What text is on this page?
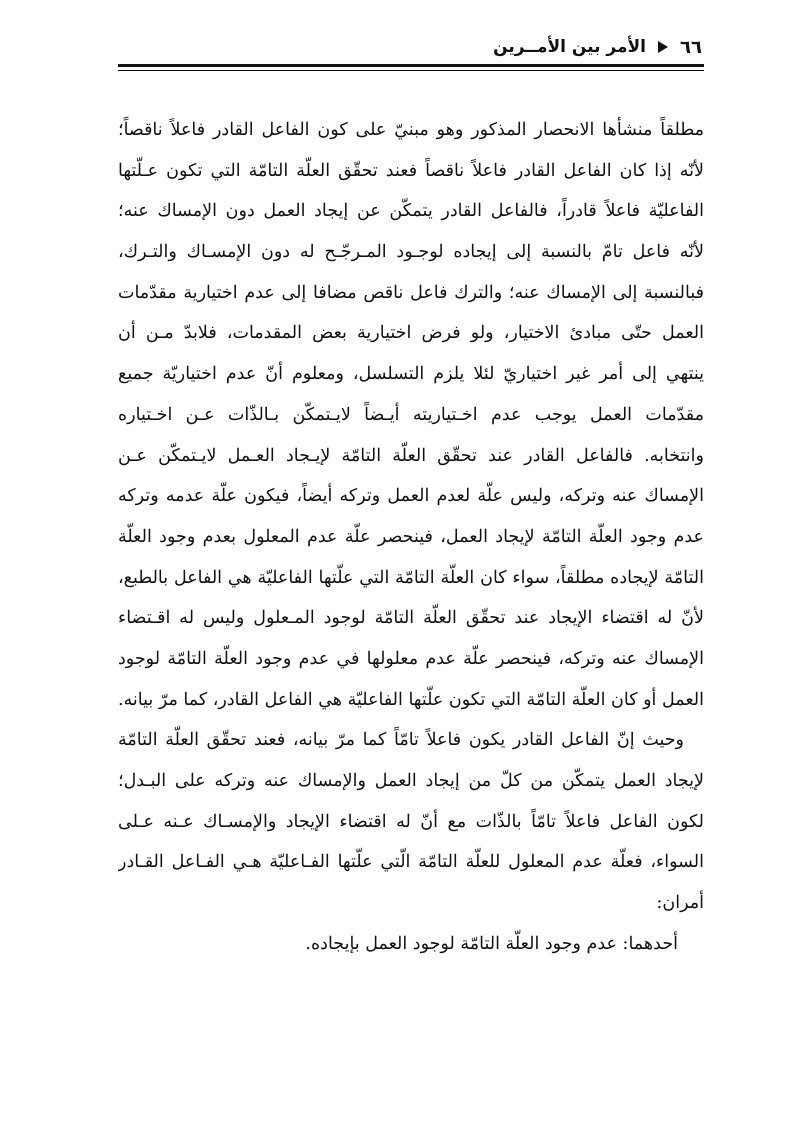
٦٦
الأمر بين الأمــرين
مطلقاً منشأها الانحصار المذكور وهو مبنيّ على كون الفاعل القادر فاعلاً ناقصاً؛
لأنّه إذا كان الفاعل القادر فاعلاً ناقصاً فعند تحقّق العلّة التامّة التي تكون عـلّتها
الفاعليّة فاعلاً قادراً، فالفاعل القادر يتمكّن عن إيجاد العمل دون الإمساك عنه؛
لأنّه فاعل تامّ بالنسبة إلى إيجاده لوجـود المـرجّـح له دون الإمسـاك والتـرك،
فبالنسبة إلى الإمساك عنه؛ والترك فاعل ناقص مضافا إلى عدم اختيارية مقدّمات
العمل حتّى مبادئ الاختيار، ولو فرض اختيارية بعض المقدمات، فلابدّ مـن أن
ينتهي إلى أمر غير اختياريّ لئلا يلزم التسلسل، ومعلوم أنّ عدم اختياريّة جميع
مقدّمات العمل يوجب عدم اخـتياريته أيـضاً لايـتمكّن بـالذّات عـن اخـتياره
وانتخابه. فالفاعل القادر عند تحقّق العلّة التامّة لإيـجاد العـمل لايـتمكّن عـن
الإمساك عنه وتركه، وليس علّة لعدم العمل وتركه أيضاً، فيكون علّة عدمه وتركه
عدم وجود العلّة التامّة لإيجاد العمل، فينحصر علّة عدم المعلول بعدم وجود العلّة
التامّة لإيجاده مطلقاً، سواء كان العلّة التامّة التي علّتها الفاعليّة هي الفاعل بالطبع،
لأنّ له اقتضاء الإيجاد عند تحقّق العلّة التامّة لوجود المـعلول وليس له اقـتضاء
الإمساك عنه وتركه، فينحصر علّة عدم معلولها في عدم وجود العلّة التامّة لوجود
العمل أو كان العلّة التامّة التي تكون علّتها الفاعليّة هي الفاعل القادر، كما مرّ بيانه.
وحيث إنّ الفاعل القادر يكون فاعلاً تامّاً كما مرّ بيانه، فعند تحقّق العلّة التامّة
لإيجاد العمل يتمكّن من كلّ من إيجاد العمل والإمساك عنه وتركه على البـدل؛
لكون الفاعل فاعلاً تامّاً بالذّات مع أنّ له اقتضاء الإيجاد والإمسـاك عـنه عـلى
السواء، فعلّة عدم المعلول للعلّة التامّة الّتي علّتها الفـاعليّة هـي الفـاعل القـادر
أمران:
أحدهما: عدم وجود العلّة التامّة لوجود العمل بإيجاده.
